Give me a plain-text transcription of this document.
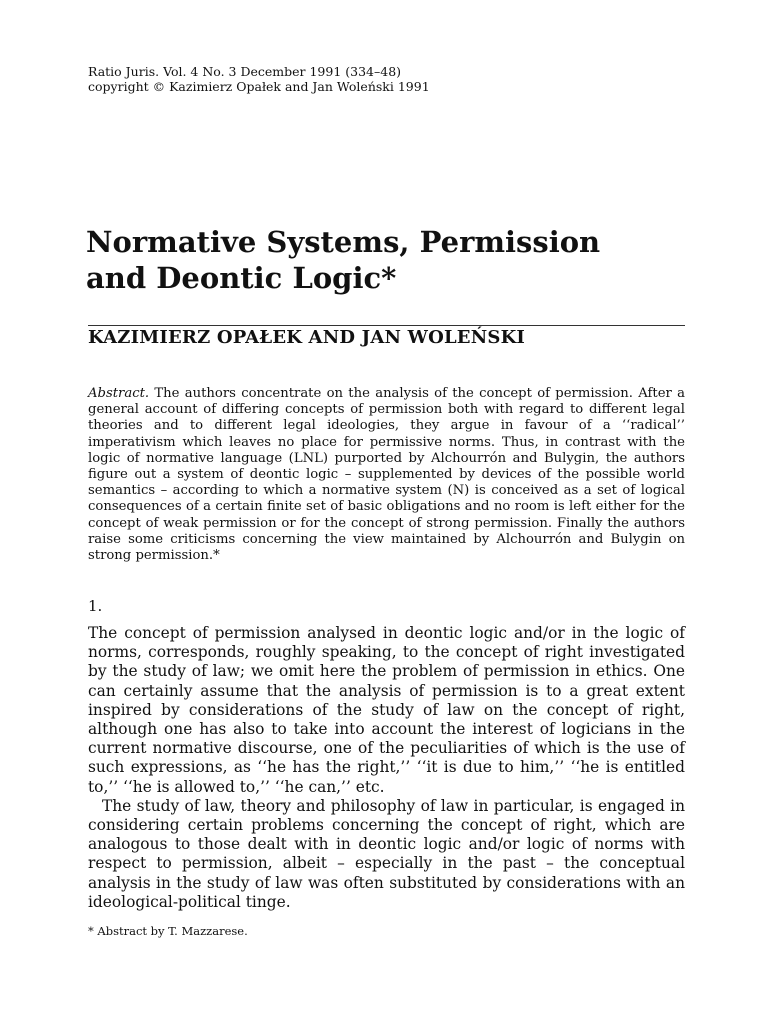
Ratio Juris. Vol. 4 No. 3 December 1991 (334–48)
copyright © Kazimierz Opałek and Jan Woleński 1991
Normative Systems, Permission
and Deontic Logic*
KAZIMIERZ OPAŁEK AND JAN WOLEŃSKI
Abstract. The authors concentrate on the analysis of the concept of permission. After a general account of differing concepts of permission both with regard to different legal theories and to different legal ideologies, they argue in favour of a ‘‘radical’’ imperativism which leaves no place for permissive norms. Thus, in contrast with the logic of normative language (LNL) purported by Alchourrón and Bulygin, the authors figure out a system of deontic logic – supplemented by devices of the possible world semantics – according to which a normative system (N) is conceived as a set of logical consequences of a certain finite set of basic obligations and no room is left either for the concept of weak permission or for the concept of strong permission. Finally the authors raise some criticisms concerning the view maintained by Alchourrón and Bulygin on strong permission.*
1.

The concept of permission analysed in deontic logic and/or in the logic of norms, corresponds, roughly speaking, to the concept of right investigated by the study of law; we omit here the problem of permission in ethics. One can certainly assume that the analysis of permission is to a great extent inspired by considerations of the study of law on the concept of right, although one has also to take into account the interest of logicians in the current normative discourse, one of the peculiarities of which is the use of such expressions, as ‘‘he has the right,’’ ‘‘it is due to him,’’ ‘‘he is entitled to,’’ ‘‘he is allowed to,’’ ‘‘he can,’’ etc.

The study of law, theory and philosophy of law in particular, is engaged in considering certain problems concerning the concept of right, which are analogous to those dealt with in deontic logic and/or logic of norms with respect to permission, albeit – especially in the past – the conceptual analysis in the study of law was often substituted by considerations with an ideological-political tinge.

* Abstract by T. Mazzarese.
